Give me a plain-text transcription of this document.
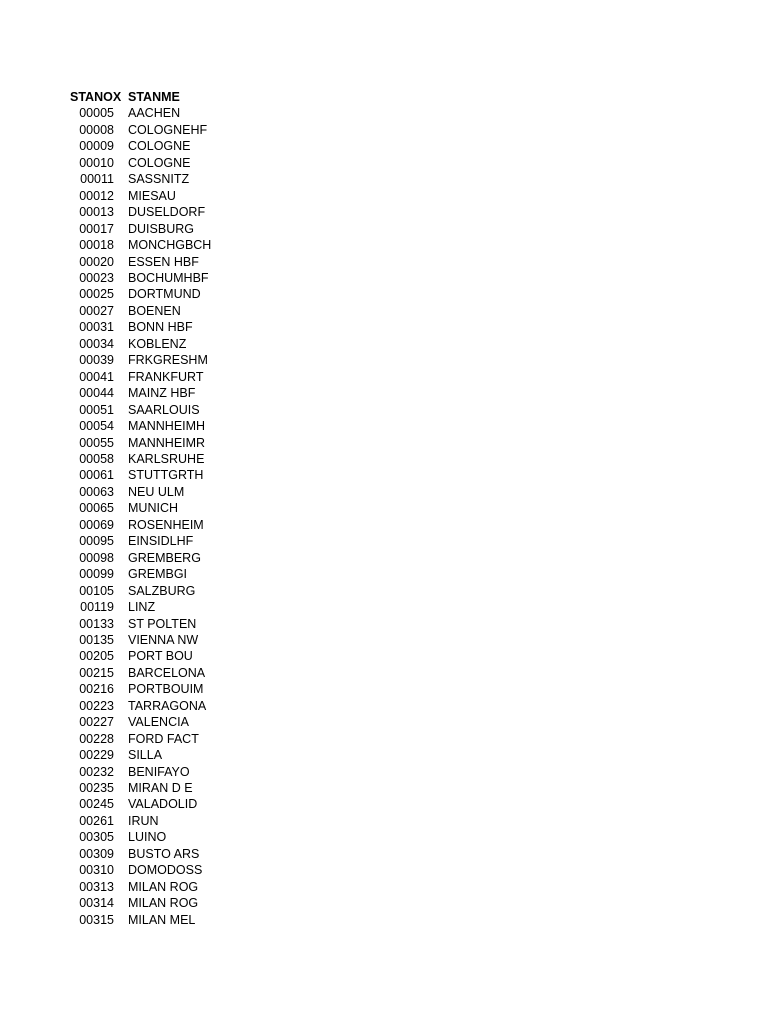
STANOX	STANME
00005	AACHEN
00008	COLOGNEHF
00009	COLOGNE
00010	COLOGNE
00011	SASSNITZ
00012	MIESAU
00013	DUSELDORF
00017	DUISBURG
00018	MONCHGBCH
00020	ESSEN HBF
00023	BOCHUMHBF
00025	DORTMUND
00027	BOENEN
00031	BONN HBF
00034	KOBLENZ
00039	FRKGRESHM
00041	FRANKFURT
00044	MAINZ HBF
00051	SAARLOUIS
00054	MANNHEIMH
00055	MANNHEIMR
00058	KARLSRUHE
00061	STUTTGRTH
00063	NEU ULM
00065	MUNICH
00069	ROSENHEIM
00095	EINSIDLHF
00098	GREMBERG
00099	GREMBGI
00105	SALZBURG
00119	LINZ
00133	ST POLTEN
00135	VIENNA NW
00205	PORT BOU
00215	BARCELONA
00216	PORTBOUIM
00223	TARRAGONA
00227	VALENCIA
00228	FORD FACT
00229	SILLA
00232	BENIFAYO
00235	MIRAN D E
00245	VALADOLID
00261	IRUN
00305	LUINO
00309	BUSTO ARS
00310	DOMODOSS
00313	MILAN ROG
00314	MILAN ROG
00315	MILAN MEL
